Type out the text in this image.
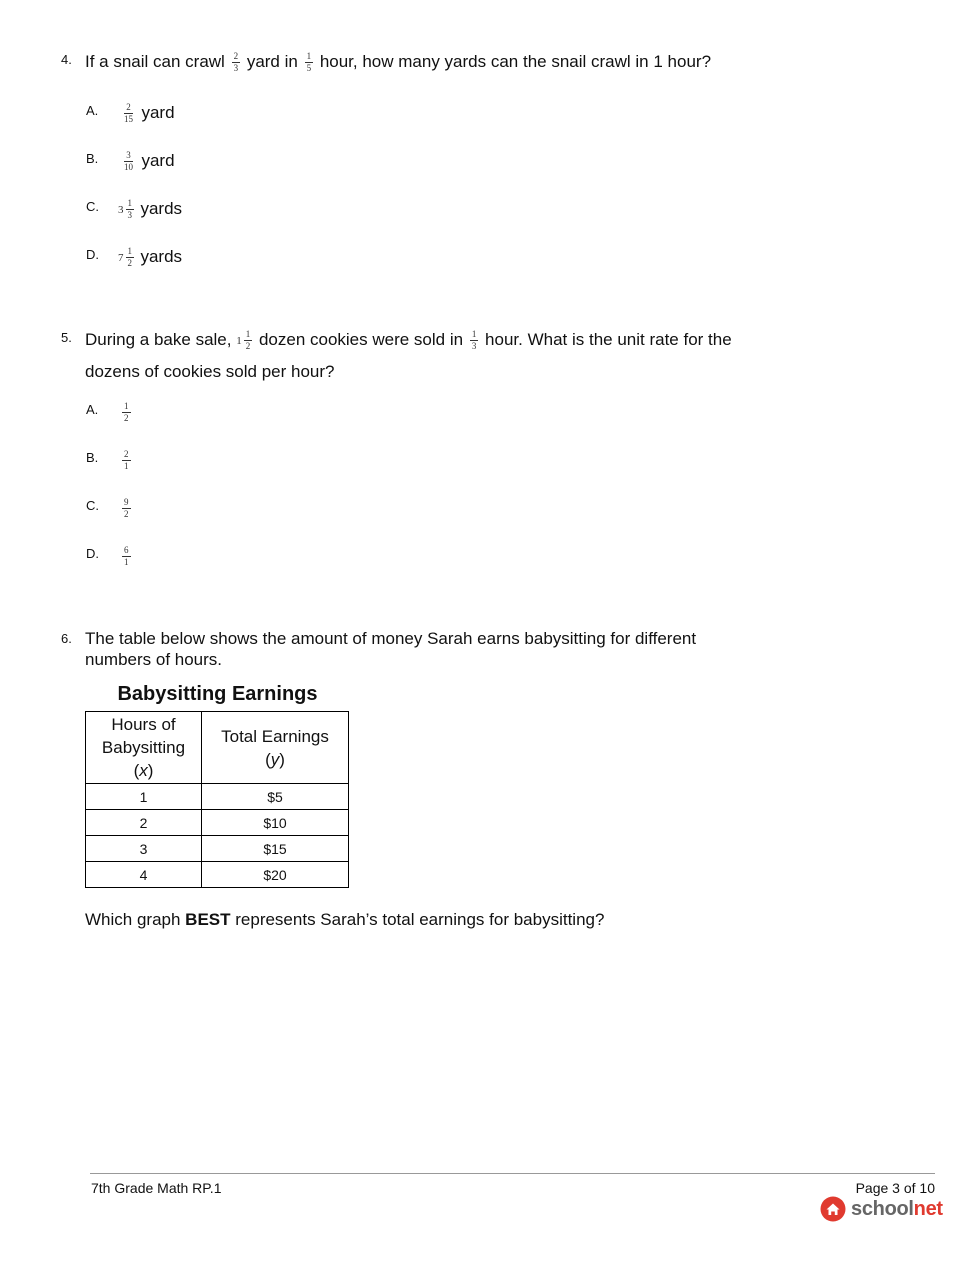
4. If a snail can crawl $\frac{2}{3}$ yard in $\frac{1}{5}$ hour, how many yards can the snail crawl in 1 hour?
A.	$\frac{2}{15}$ yard
B.	$\frac{3}{10}$ yard
C. $3 \frac{1}{3}$ yards
D. $7 \frac{1}{2}$ yards
5. During a bake sale, $1 \frac{1}{2}$ dozen cookies were sold in $\frac{1}{3}$ hour. What is the unit rate for the
dozens of cookies sold per hour?
A.	$\frac{1}{2}$
B.	$\frac{2}{1}$
C.	$\frac{9}{2}$
D.	$\frac{6}{1}$
6. The table below shows the amount of money Sarah earns babysitting for different
numbers of hours.
Babysitting Earnings
Hours of
Babysitting
(x)	Total Earnings
(y)
1	$5
2	$10
3	$15
4	$20
Which graph BEST represents Sarah’s total earnings for babysitting?
7th Grade Math RP.1	Page 3 of 10
schoolnet
